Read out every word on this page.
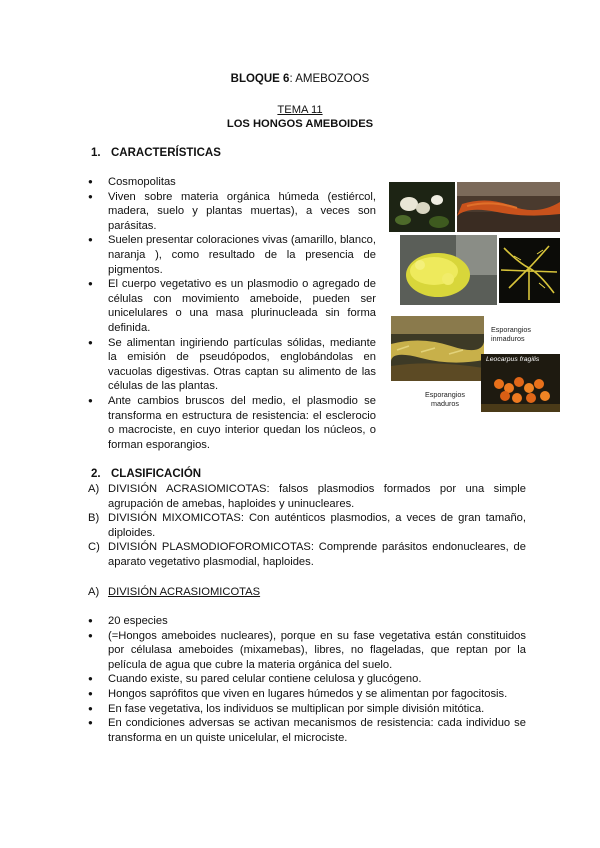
BLOQUE 6: AMEBOZOOS
TEMA 11
LOS HONGOS AMEBOIDES
1. CARACTERÍSTICAS
● Cosmopolitas
● Viven sobre materia orgánica húmeda (estiércol, madera, suelo y plantas muertas), a veces son parásitas.
● Suelen presentar coloraciones vivas (amarillo, blanco, naranja ), como resultado de la presencia de pigmentos.
● El cuerpo vegetativo es un plasmodio o agregado de células con movimiento ameboide, pueden ser unicelulares o una masa plurinucleada sin forma definida.
● Se alimentan ingiriendo partículas sólidas, mediante la emisión de pseudópodos, englobándolas en vacuolas digestivas. Otras captan su alimento de las células de las plantas.
● Ante cambios bruscos del medio, el plasmodio se transforma en estructura de resistencia: el esclerocio o macrociste, en cuyo interior quedan los núcleos, o forman esporangios.
Esporangios inmaduros
Leocarpus fragilis
Esporangios maduros
2. CLASIFICACIÓN
A) DIVISIÓN ACRASIOMICOTAS: falsos plasmodios formados por una simple agrupación de amebas, haploides y uninucleares.
B) DIVISIÓN MIXOMICOTAS: Con auténticos plasmodios, a veces de gran tamaño, diploides.
C) DIVISIÓN PLASMODIOFOROMICOTAS: Comprende parásitos endonucleares, de aparato vegetativo plasmodial, haploides.
A) DIVISIÓN ACRASIOMICOTAS
● 20 especies
● (=Hongos ameboides nucleares), porque en su fase vegetativa están constituidos por célulasa ameboides (mixamebas), libres, no flageladas, que reptan por la película de agua que cubre la materia orgánica del suelo.
● Cuando existe, su pared celular contiene celulosa y glucógeno.
● Hongos saprófitos que viven en lugares húmedos y se alimentan por fagocitosis.
● En fase vegetativa, los individuos se multiplican por simple división mitótica.
● En condiciones adversas se activan mecanismos de resistencia: cada individuo se transforma en un quiste unicelular, el microciste.
